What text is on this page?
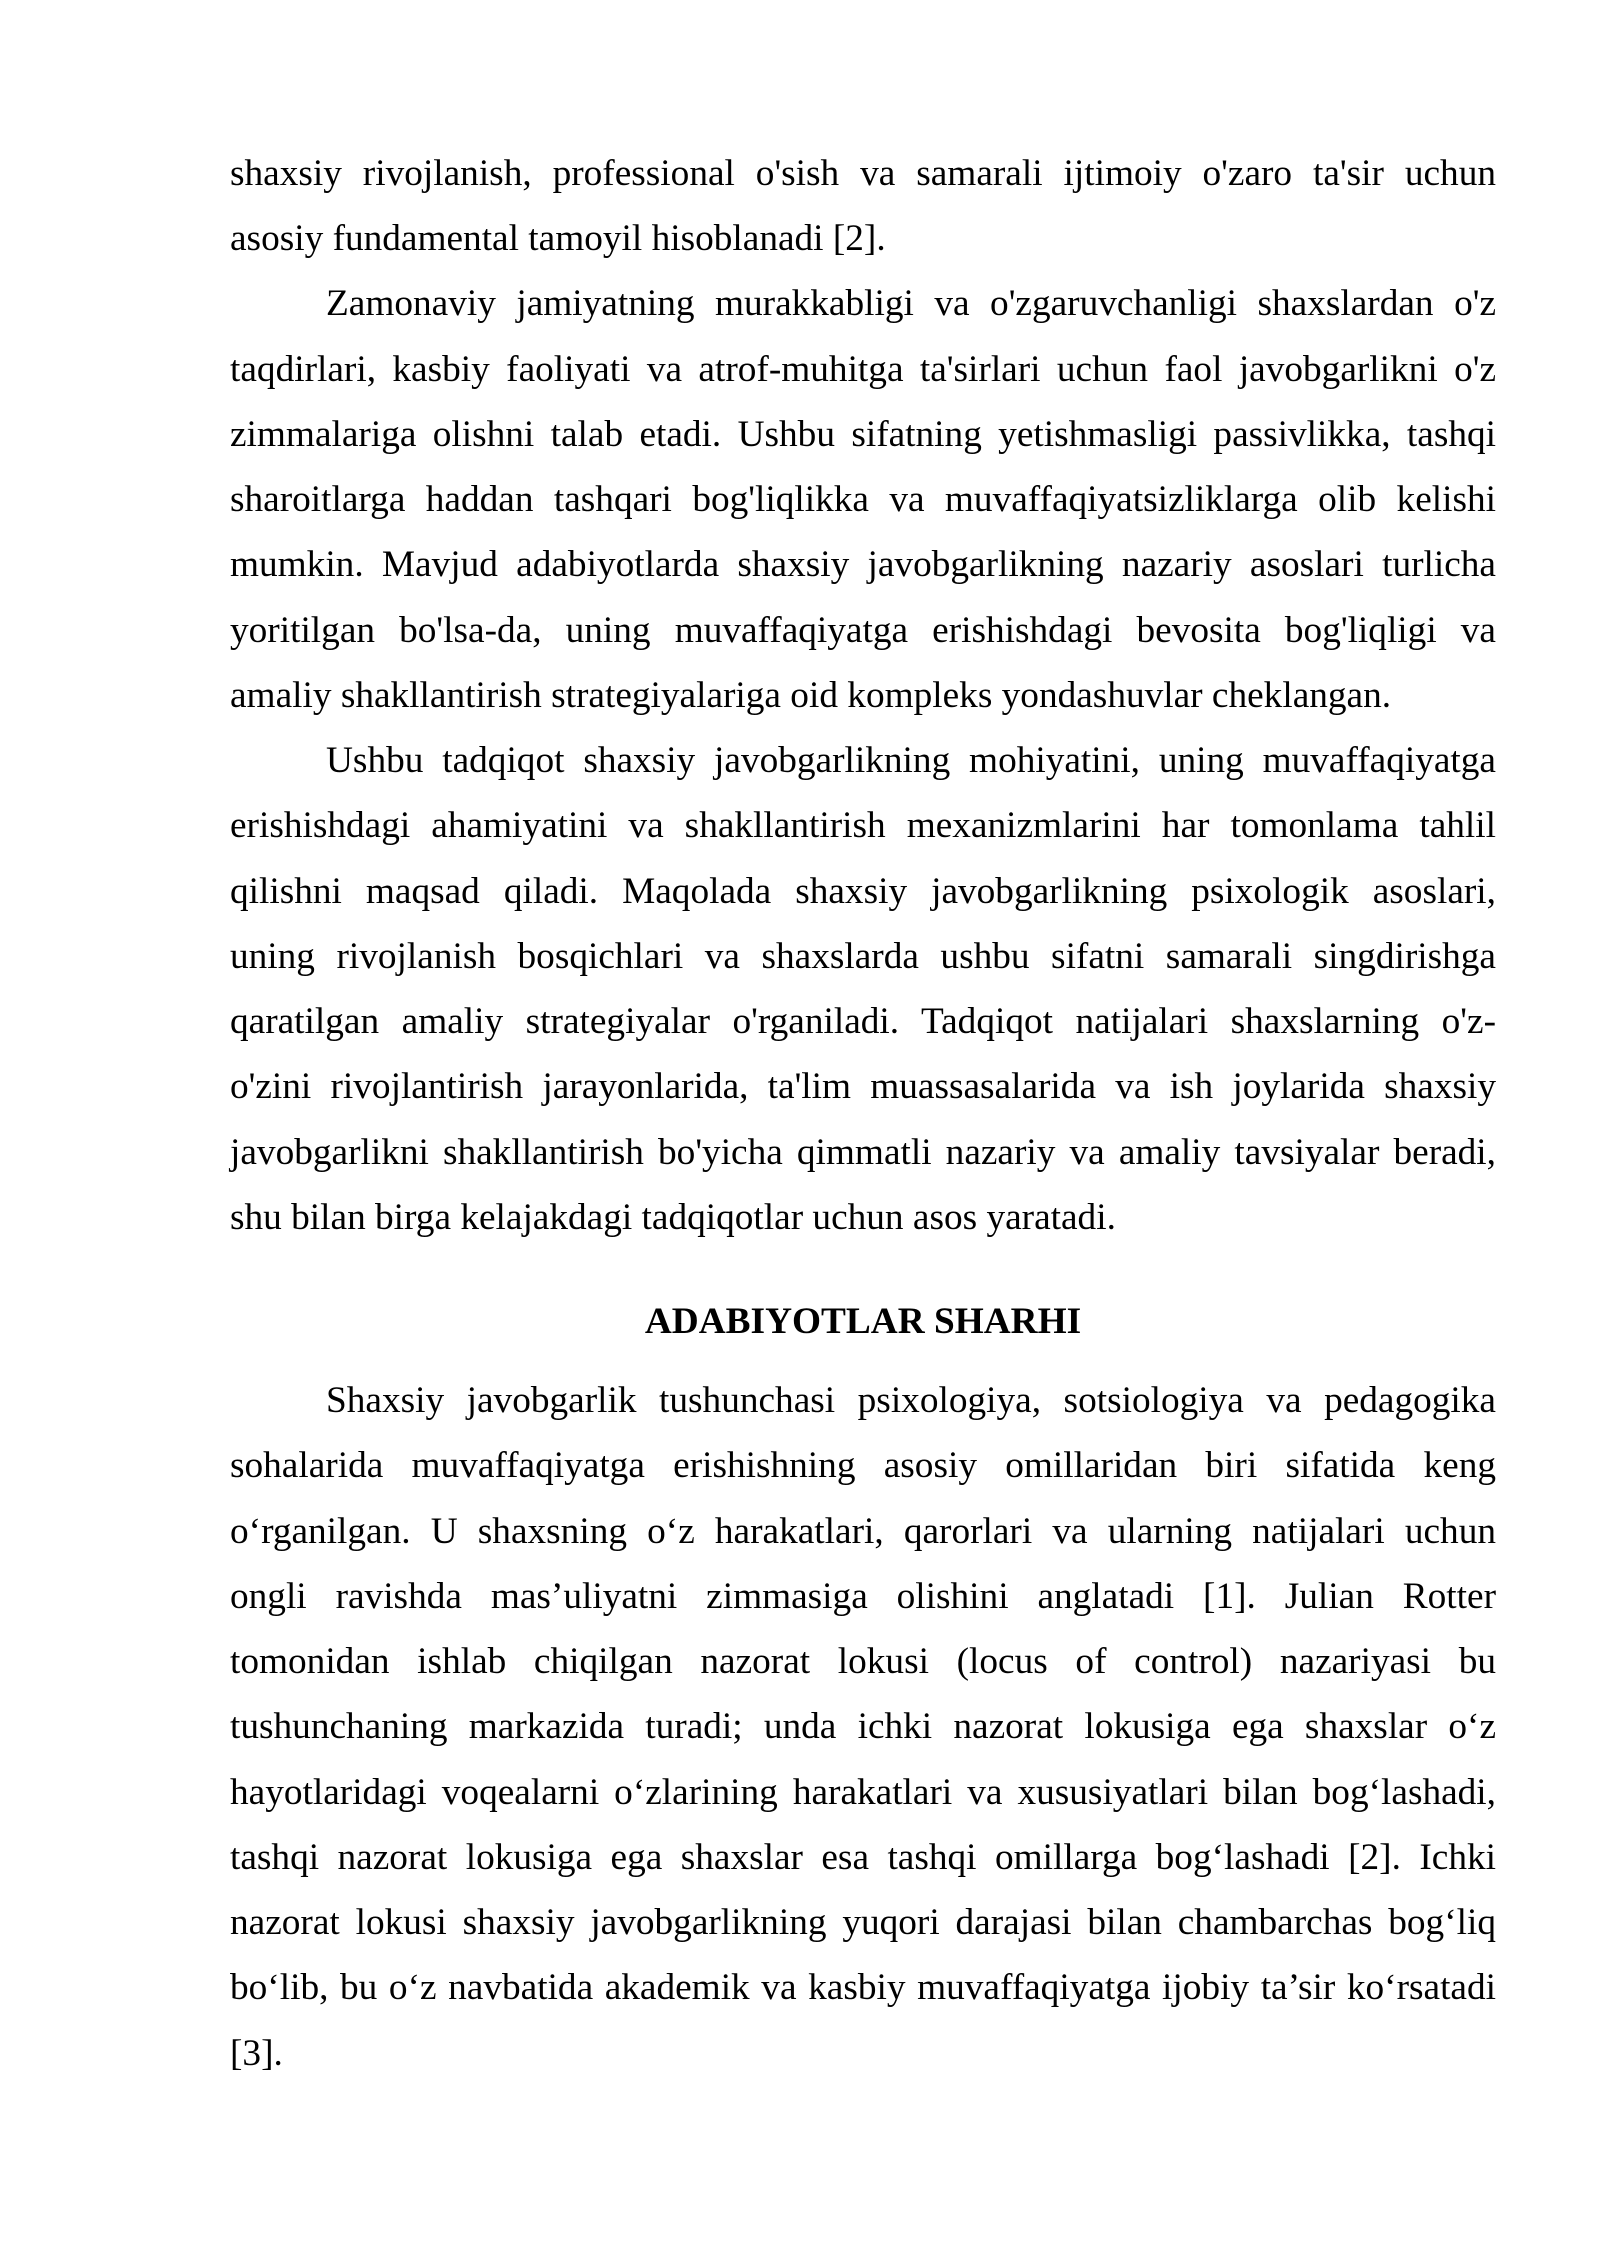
shaxsiy rivojlanish, professional o'sish va samarali ijtimoiy o'zaro ta'sir uchun
asosiy fundamental tamoyil hisoblanadi [2].
Zamonaviy jamiyatning murakkabligi va o'zgaruvchanligi shaxslardan o'z
taqdirlari, kasbiy faoliyati va atrof-muhitga ta'sirlari uchun faol javobgarlikni o'z
zimmalariga olishni talab etadi. Ushbu sifatning yetishmasligi passivlikka, tashqi
sharoitlarga haddan tashqari bog'liqlikka va muvaffaqiyatsizliklarga olib kelishi
mumkin. Mavjud adabiyotlarda shaxsiy javobgarlikning nazariy asoslari turlicha
yoritilgan bo'lsa-da, uning muvaffaqiyatga erishishdagi bevosita bog'liqligi va
amaliy shakllantirish strategiyalariga oid kompleks yondashuvlar cheklangan.
Ushbu tadqiqot shaxsiy javobgarlikning mohiyatini, uning muvaffaqiyatga
erishishdagi ahamiyatini va shakllantirish mexanizmlarini har tomonlama tahlil
qilishni maqsad qiladi. Maqolada shaxsiy javobgarlikning psixologik asoslari,
uning rivojlanish bosqichlari va shaxslarda ushbu sifatni samarali singdirishga
qaratilgan amaliy strategiyalar o'rganiladi. Tadqiqot natijalari shaxslarning o'z-
o'zini rivojlantirish jarayonlarida, ta'lim muassasalarida va ish joylarida shaxsiy
javobgarlikni shakllantirish bo'yicha qimmatli nazariy va amaliy tavsiyalar beradi,
shu bilan birga kelajakdagi tadqiqotlar uchun asos yaratadi.
ADABIYOTLAR SHARHI
Shaxsiy javobgarlik tushunchasi psixologiya, sotsiologiya va pedagogika
sohalarida muvaffaqiyatga erishishning asosiy omillaridan biri sifatida keng
o‘rganilgan. U shaxsning o‘z harakatlari, qarorlari va ularning natijalari uchun
ongli ravishda mas’uliyatni zimmasiga olishini anglatadi [1]. Julian Rotter
tomonidan ishlab chiqilgan nazorat lokusi (locus of control) nazariyasi bu
tushunchaning markazida turadi; unda ichki nazorat lokusiga ega shaxslar o‘z
hayotlaridagi voqealarni o‘zlarining harakatlari va xususiyatlari bilan bog‘lashadi,
tashqi nazorat lokusiga ega shaxslar esa tashqi omillarga bog‘lashadi [2]. Ichki
nazorat lokusi shaxsiy javobgarlikning yuqori darajasi bilan chambarchas bog‘liq
bo‘lib, bu o‘z navbatida akademik va kasbiy muvaffaqiyatga ijobiy ta’sir ko‘rsatadi
[3].
